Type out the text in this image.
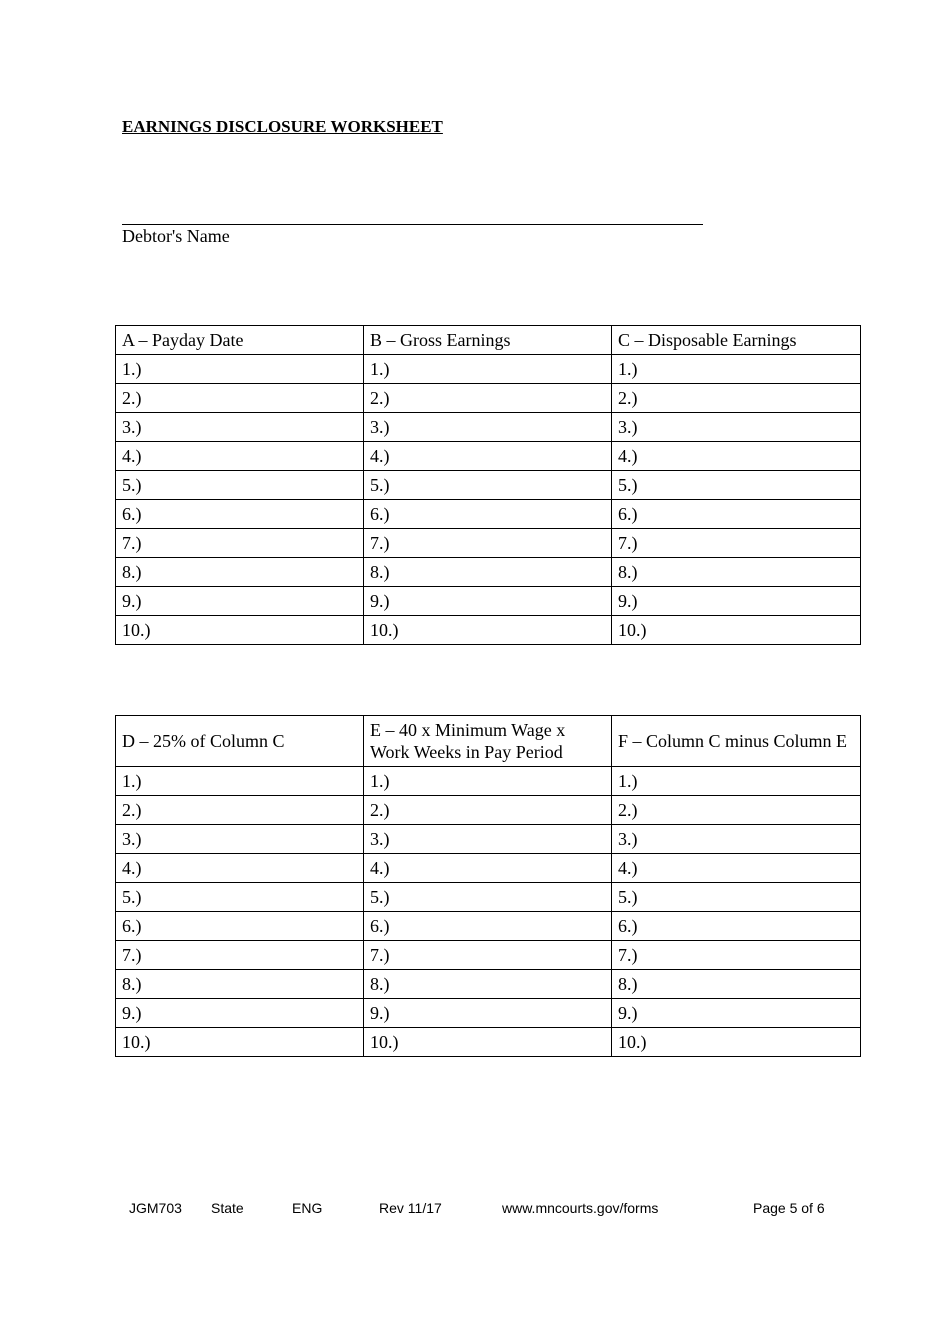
EARNINGS DISCLOSURE WORKSHEET
Debtor's Name
A – Payday Date	B – Gross Earnings	C – Disposable Earnings
1.)	1.)	1.)
2.)	2.)	2.)
3.)	3.)	3.)
4.)	4.)	4.)
5.)	5.)	5.)
6.)	6.)	6.)
7.)	7.)	7.)
8.)	8.)	8.)
9.)	9.)	9.)
10.)	10.)	10.)
D – 25% of Column C	E – 40 x Minimum Wage x Work Weeks in Pay Period	F – Column C minus Column E
1.)	1.)	1.)
2.)	2.)	2.)
3.)	3.)	3.)
4.)	4.)	4.)
5.)	5.)	5.)
6.)	6.)	6.)
7.)	7.)	7.)
8.)	8.)	8.)
9.)	9.)	9.)
10.)	10.)	10.)
JGM703 State	ENG	Rev 11/17	www.mncourts.gov/forms	Page 5 of 6
